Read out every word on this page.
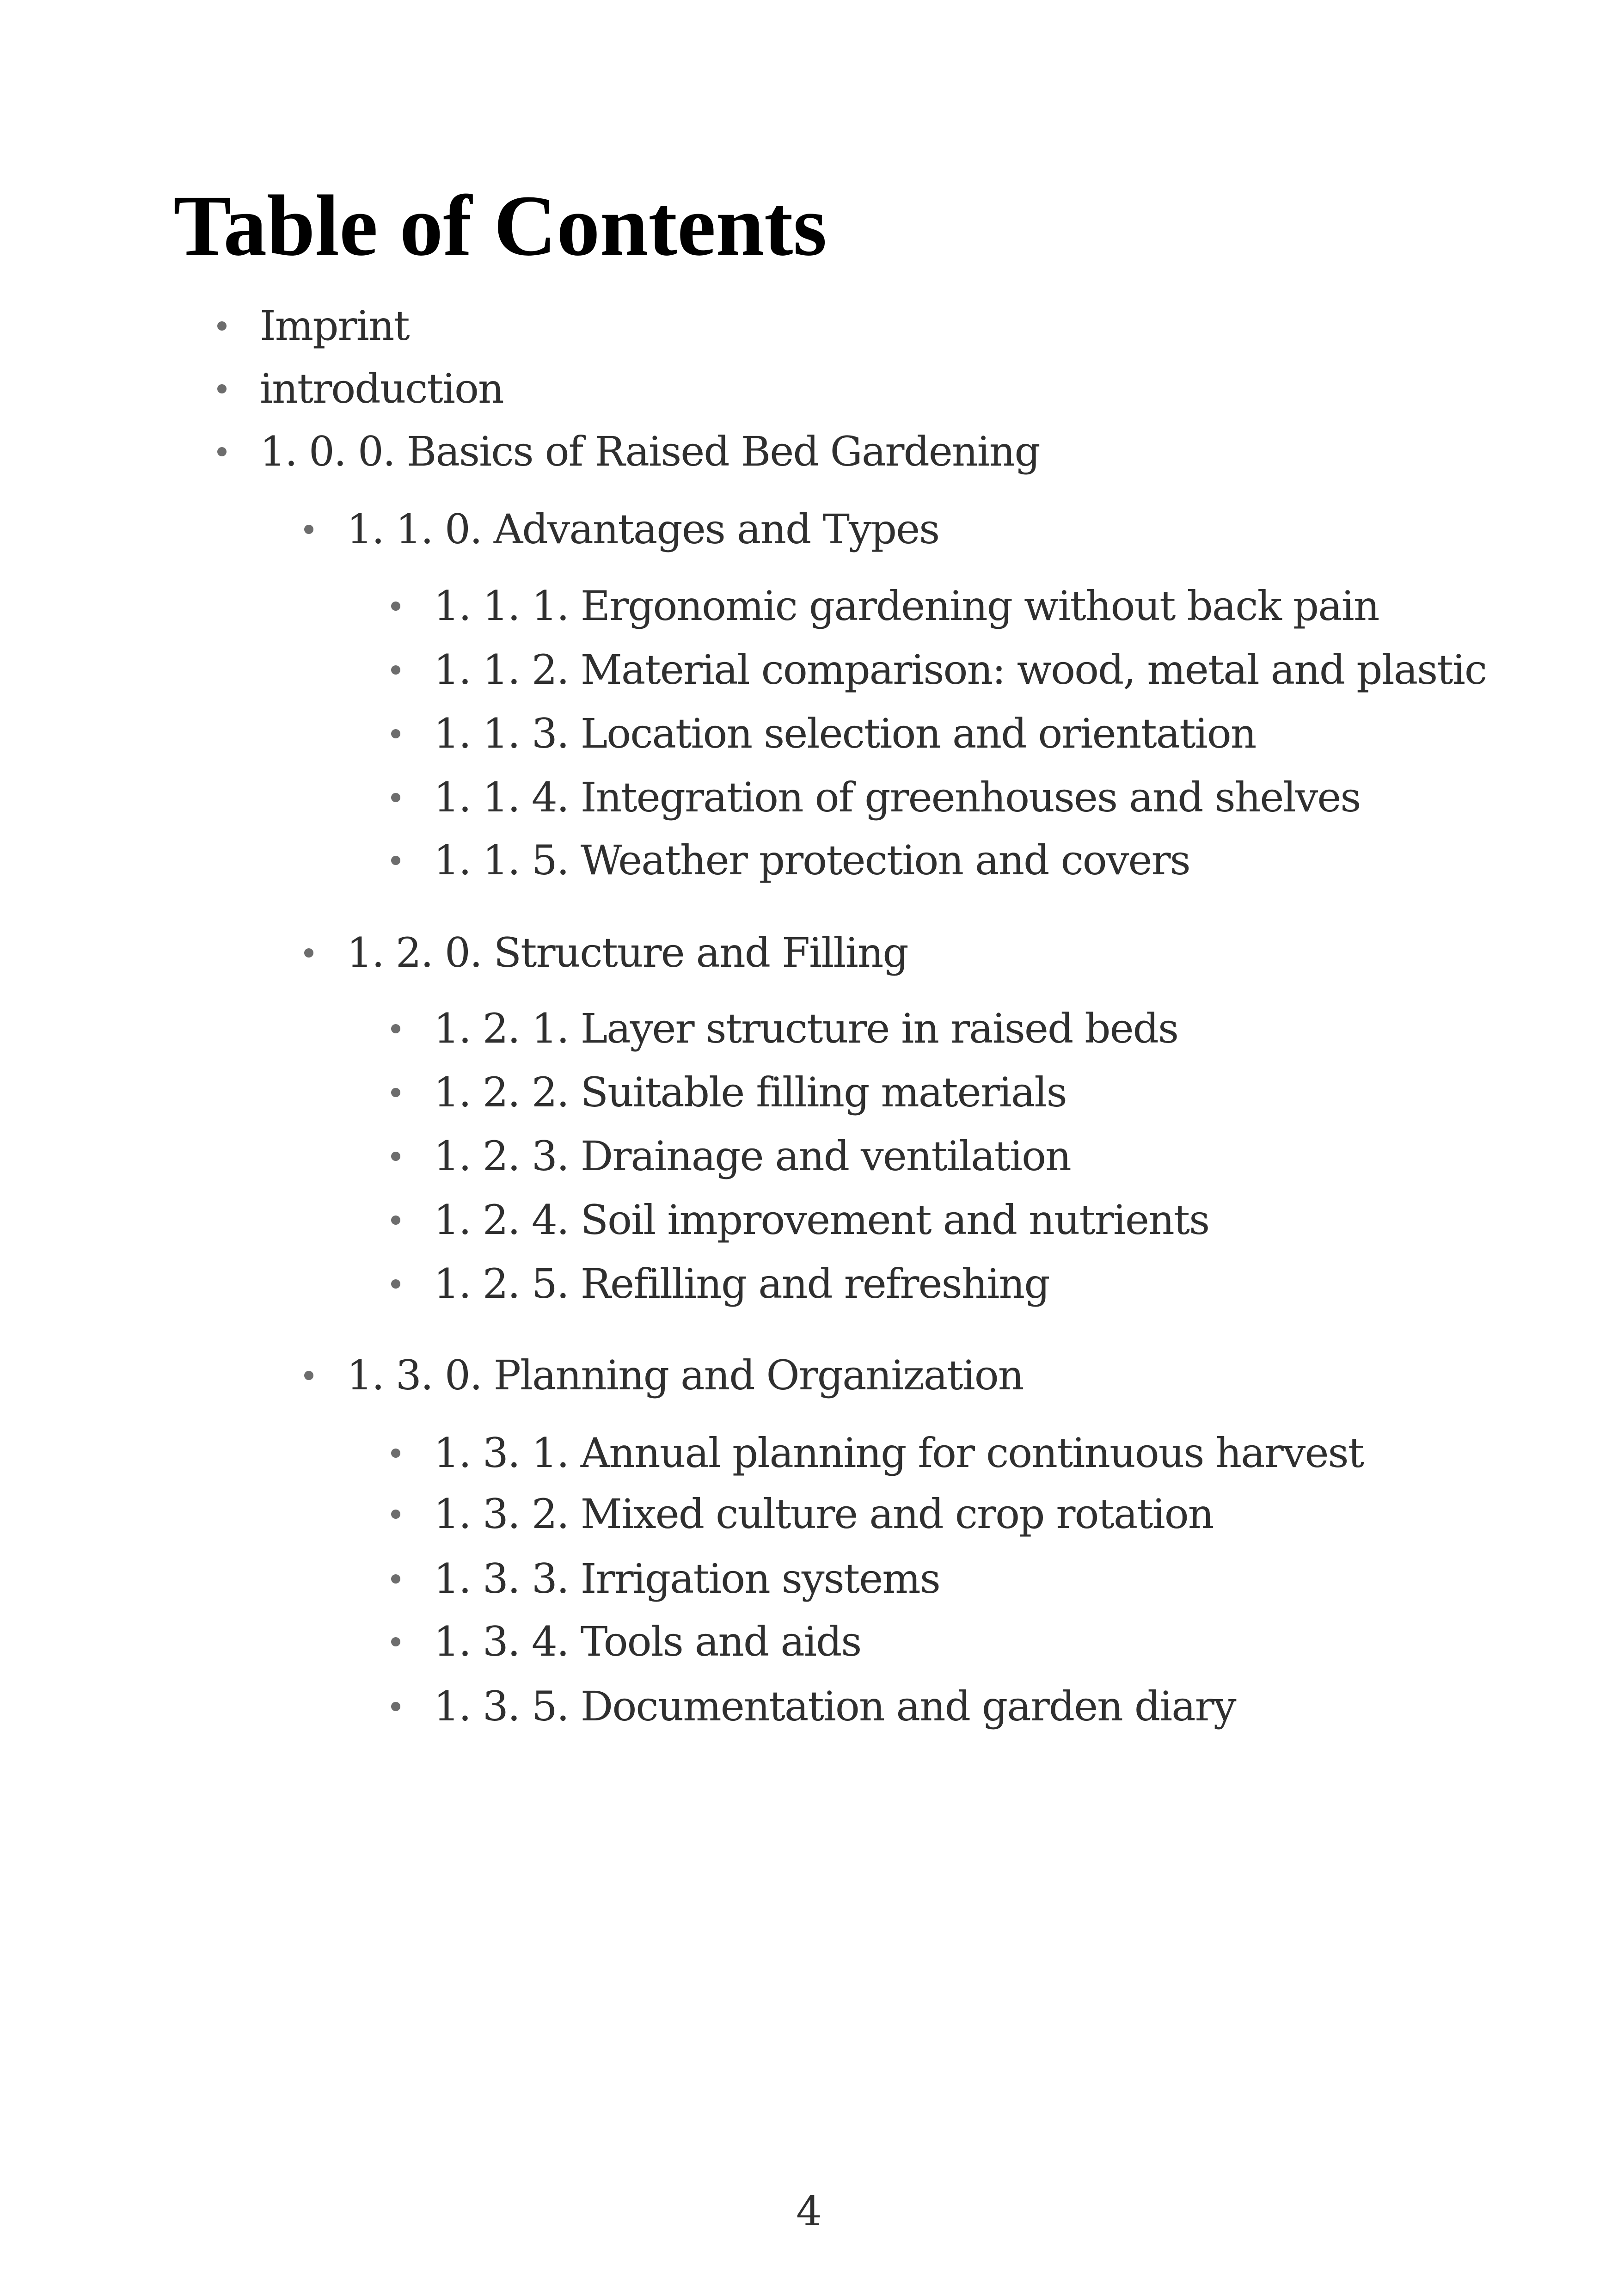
Table of Contents
Imprint
introduction
1. 0. 0. Basics of Raised Bed Gardening
1. 1. 0. Advantages and Types
1. 1. 1. Ergonomic gardening without back pain
1. 1. 2. Material comparison: wood, metal and plastic
1. 1. 3. Location selection and orientation
1. 1. 4. Integration of greenhouses and shelves
1. 1. 5. Weather protection and covers
1. 2. 0. Structure and Filling
1. 2. 1. Layer structure in raised beds
1. 2. 2. Suitable filling materials
1. 2. 3. Drainage and ventilation
1. 2. 4. Soil improvement and nutrients
1. 2. 5. Refilling and refreshing
1. 3. 0. Planning and Organization
1. 3. 1. Annual planning for continuous harvest
1. 3. 2. Mixed culture and crop rotation
1. 3. 3. Irrigation systems
1. 3. 4. Tools and aids
1. 3. 5. Documentation and garden diary
4
